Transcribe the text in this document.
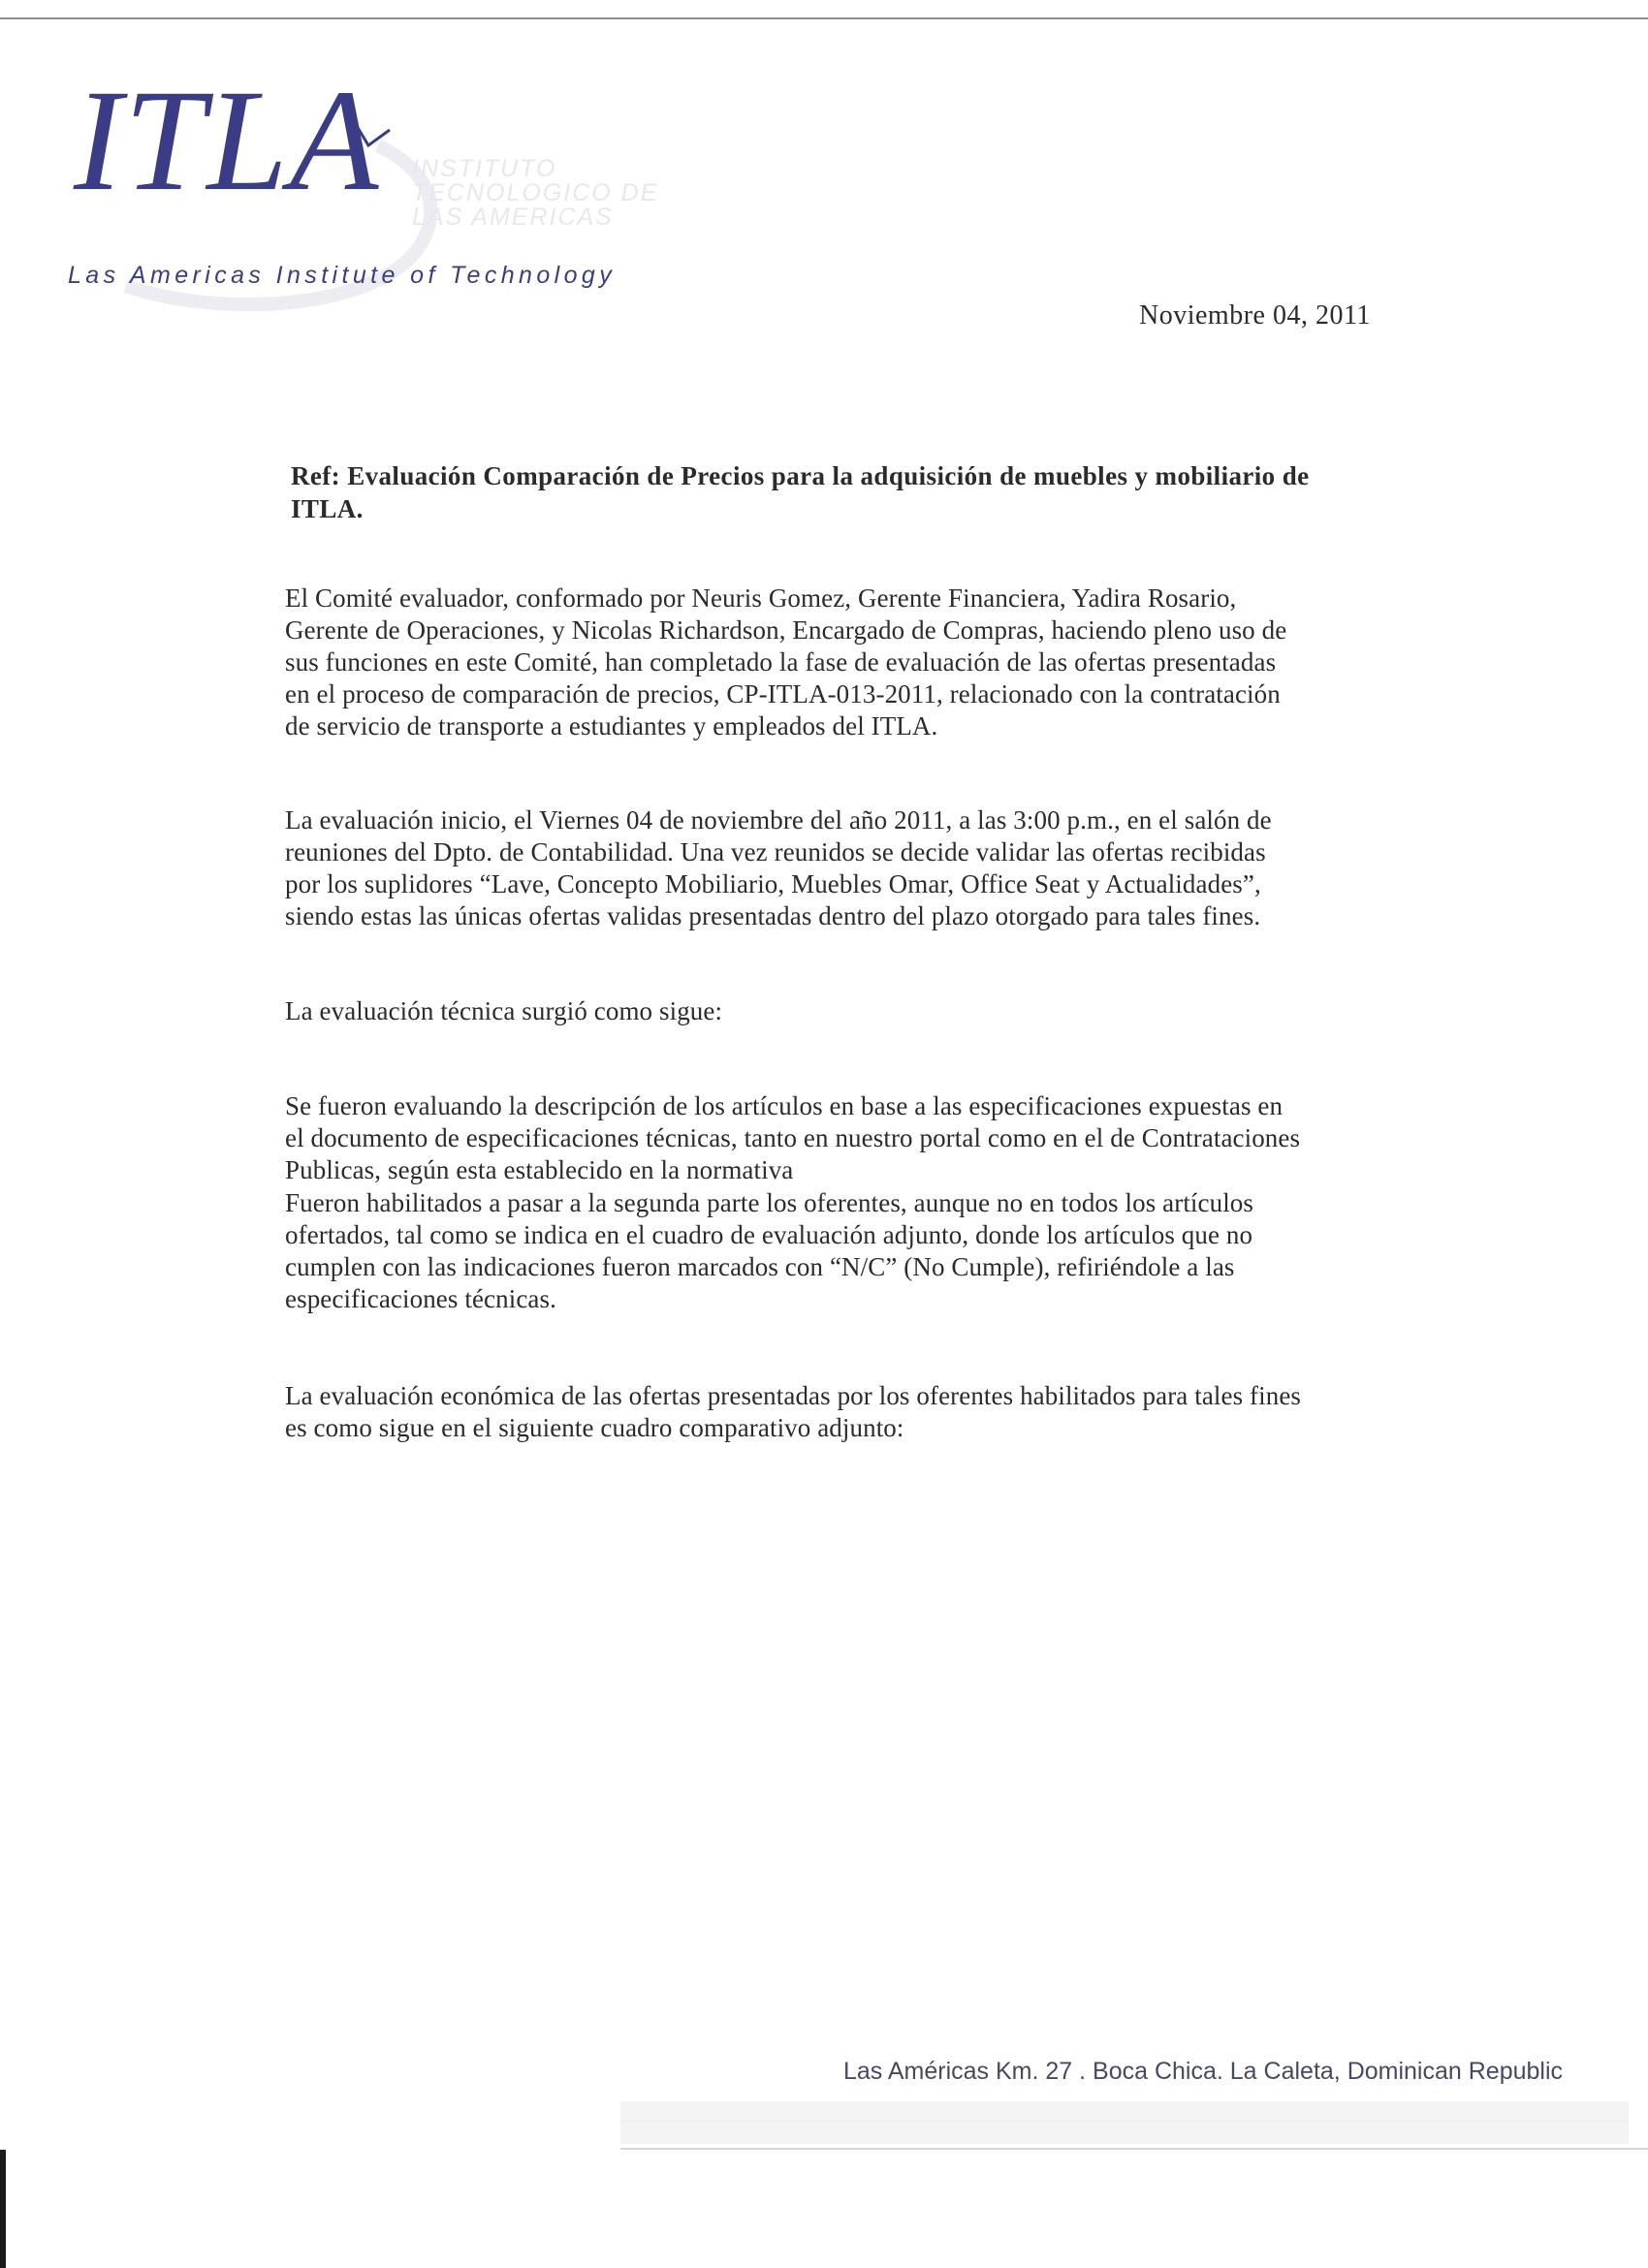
ITLA INSTITUTO
TECNOLOGICO DE
LAS AMERICAS
Las Americas Institute of Technology
Noviembre 04, 2011
Ref: Evaluación Comparación de Precios para la adquisición de muebles y mobiliario de ITLA.
El Comité evaluador, conformado por Neuris Gomez, Gerente Financiera, Yadira Rosario,
Gerente de Operaciones, y Nicolas Richardson, Encargado de Compras, haciendo pleno uso de
sus funciones en este Comité, han completado la fase de evaluación de las ofertas presentadas
en el proceso de comparación de precios, CP-ITLA-013-2011, relacionado con la contratación
de servicio de transporte a estudiantes y empleados del ITLA.
La evaluación inicio, el Viernes 04 de noviembre del año 2011, a las 3:00 p.m., en el salón de
reuniones del Dpto. de Contabilidad. Una vez reunidos se decide validar las ofertas recibidas
por los suplidores “Lave, Concepto Mobiliario, Muebles Omar, Office Seat y Actualidades”,
siendo estas las únicas ofertas validas presentadas dentro del plazo otorgado para tales fines.
La evaluación técnica surgió como sigue:
Se fueron evaluando la descripción de los artículos en base a las especificaciones expuestas en
el documento de especificaciones técnicas, tanto en nuestro portal como en el de Contrataciones
Publicas, según esta establecido en la normativa
Fueron habilitados a pasar a la segunda parte los oferentes, aunque no en todos los artículos
ofertados, tal como se indica en el cuadro de evaluación adjunto, donde los artículos que no
cumplen con las indicaciones fueron marcados con “N/C” (No Cumple), refiriéndole a las
especificaciones técnicas.
La evaluación económica de las ofertas presentadas por los oferentes habilitados para tales fines
es como sigue en el siguiente cuadro comparativo adjunto:
Las Américas Km. 27 . Boca Chica. La Caleta, Dominican Republic
